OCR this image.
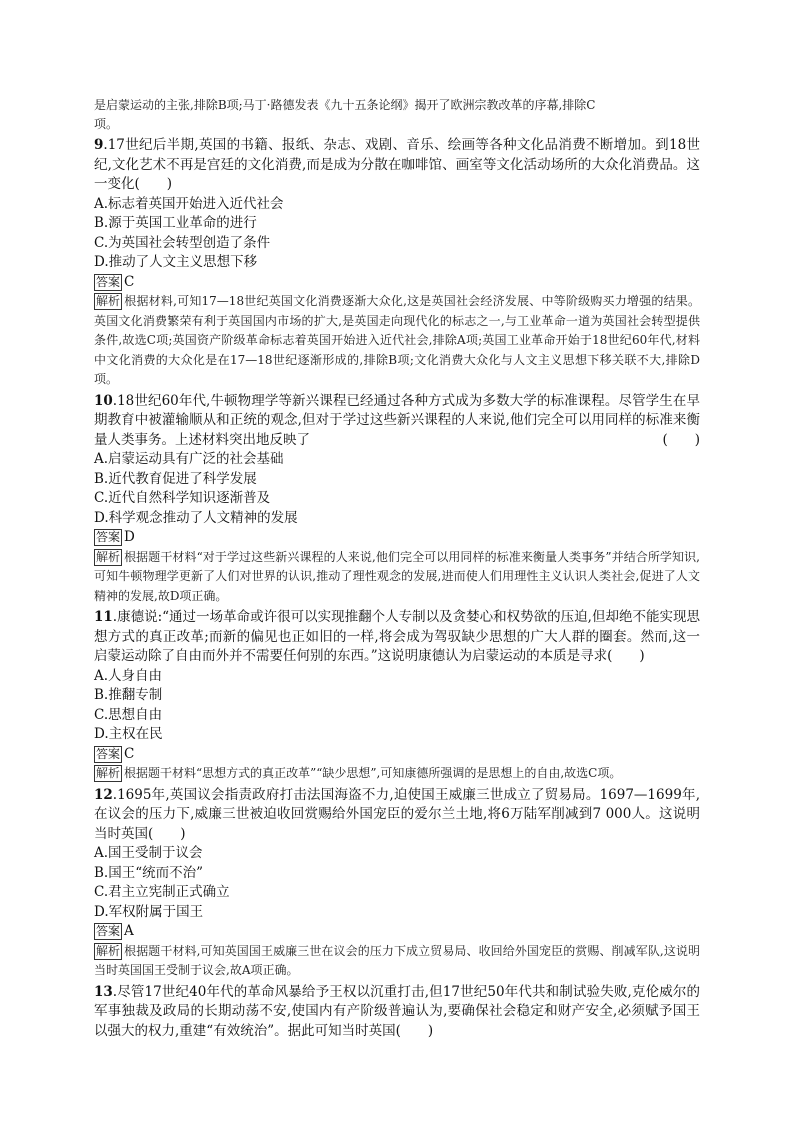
是启蒙运动的主张,排除B项;马丁·路德发表《九十五条论纲》揭开了欧洲宗教改革的序幕,排除C
项。
9.17世纪后半期,英国的书籍、报纸、杂志、戏剧、音乐、绘画等各种文化品消费不断增加。到18世纪,文化艺术不再是宫廷的文化消费,而是成为分散在咖啡馆、画室等文化活动场所的大众化消费品。这一变化(　　)
A.标志着英国开始进入近代社会
B.源于英国工业革命的进行
C.为英国社会转型创造了条件
D.推动了人文主义思想下移
答案 C
解析 根据材料,可知17—18世纪英国文化消费逐渐大众化,这是英国社会经济发展、中等阶级购买力增强的结果。英国文化消费繁荣有利于英国国内市场的扩大,是英国走向现代化的标志之一,与工业革命一道为英国社会转型提供条件,故选C项;英国资产阶级革命标志着英国开始进入近代社会,排除A项;英国工业革命开始于18世纪60年代,材料中文化消费的大众化是在17—18世纪逐渐形成的,排除B项;文化消费大众化与人文主义思想下移关联不大,排除D项。
10.18世纪60年代,牛顿物理学等新兴课程已经通过各种方式成为多数大学的标准课程。尽管学生在早期教育中被灌输顺从和正统的观念,但对于学过这些新兴课程的人来说,他们完全可以用同样的标准来衡量人类事务。上述材料突出地反映了	(　　)
A.启蒙运动具有广泛的社会基础
B.近代教育促进了科学发展
C.近代自然科学知识逐渐普及
D.科学观念推动了人文精神的发展
答案 D
解析 根据题干材料“对于学过这些新兴课程的人来说,他们完全可以用同样的标准来衡量人类事务”并结合所学知识,可知牛顿物理学更新了人们对世界的认识,推动了理性观念的发展,进而使人们用理性主义认识人类社会,促进了人文精神的发展,故D项正确。
11.康德说:“通过一场革命或许很可以实现推翻个人专制以及贪婪心和权势欲的压迫,但却绝不能实现思想方式的真正改革;而新的偏见也正如旧的一样,将会成为驾驭缺少思想的广大人群的圈套。然而,这一启蒙运动除了自由而外并不需要任何别的东西。”这说明康德认为启蒙运动的本质是寻求(　　)
A.人身自由
B.推翻专制
C.思想自由
D.主权在民
答案 C
解析 根据题干材料“思想方式的真正改革”“缺少思想”,可知康德所强调的是思想上的自由,故选C项。
12.1695年,英国议会指责政府打击法国海盗不力,迫使国王威廉三世成立了贸易局。1697—1699年,在议会的压力下,威廉三世被迫收回赏赐给外国宠臣的爱尔兰土地,将6万陆军削减到7 000人。这说明当时英国(　　)
A.国王受制于议会
B.国王“统而不治”
C.君主立宪制正式确立
D.军权附属于国王
答案 A
解析 根据题干材料,可知英国国王威廉三世在议会的压力下成立贸易局、收回给外国宠臣的赏赐、削减军队,这说明当时英国国王受制于议会,故A项正确。
13.尽管17世纪40年代的革命风暴给予王权以沉重打击,但17世纪50年代共和制试验失败,克伦威尔的军事独裁及政局的长期动荡不安,使国内有产阶级普遍认为,要确保社会稳定和财产安全,必须赋予国王以强大的权力,重建“有效统治”。据此可知当时英国(　　)
